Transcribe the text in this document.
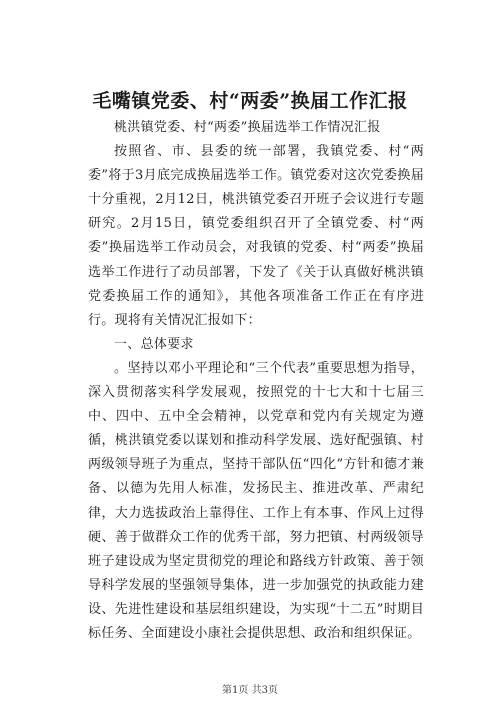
毛嘴镇党委、村“两委”换届工作汇报

桃洪镇党委、村“两委”换届选举工作情况汇报

按照省、市、县委的统一部署，我镇党委、村“两委”将于3月底完成换届选举工作。镇党委对这次党委换届十分重视，2月12日，桃洪镇党委召开班子会议进行专题研究。2月15日，镇党委组织召开了全镇党委、村“两委”换届选举工作动员会，对我镇的党委、村“两委”换届选举工作进行了动员部署，下发了《关于认真做好桃洪镇党委换届工作的通知》，其他各项准备工作正在有序进行。现将有关情况汇报如下：

一、总体要求

。坚持以邓小平理论和“三个代表”重要思想为指导，深入贯彻落实科学发展观，按照党的十七大和十七届三中、四中、五中全会精神，以党章和党内有关规定为遵循，桃洪镇党委以谋划和推动科学发展、选好配强镇、村两级领导班子为重点，坚持干部队伍“四化”方针和德才兼备、以德为先用人标准，发扬民主、推进改革、严肃纪律，大力选拔政治上靠得住、工作上有本事、作风上过得硬、善于做群众工作的优秀干部，努力把镇、村两级领导班子建设成为坚定贯彻党的理论和路线方针政策、善于领导科学发展的坚强领导集体，进一步加强党的执政能力建设、先进性建设和基层组织建设，为实现“十二五”时期目标任务、全面建设小康社会提供思想、政治和组织保证。

第1页 共3页
